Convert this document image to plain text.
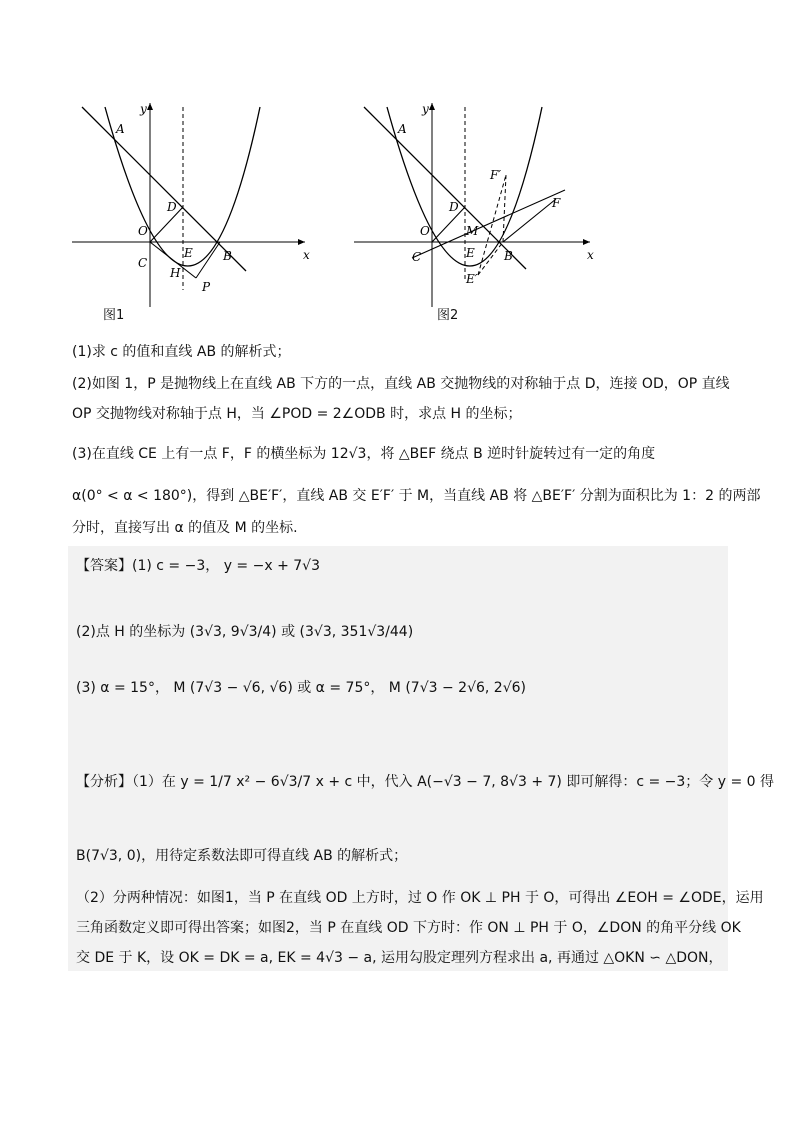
y
x
A
D
O
C
E
H
B
P
y
x
A
D
O
C	E
M
B
F
F′
E′
图1	图2
(1)求 c 的值和直线 AB 的解析式；
(2)如图 1，P 是抛物线上在直线 AB 下方的一点，直线 AB 交抛物线的对称轴于点 D，连接 OD，OP 直线
OP 交抛物线对称轴于点 H，当 ∠POD = 2∠ODB 时，求点 H 的坐标；
(3)在直线 CE 上有一点 F，F 的横坐标为 12√3，将 △BEF 绕点 B 逆时针旋转过有一定的角度
α(0° < α < 180°)，得到 △BE′F′，直线 AB 交 E′F′ 于 M，当直线 AB 将 △BE′F′ 分割为面积比为 1：2 的两部
分时，直接写出 α 的值及 M 的坐标.
【答案】(1) c = −3， y = −x + 7√3
(2)点 H 的坐标为 (3√3, 9√3/4) 或 (3√3, 351√3/44)
(3) α = 15°， M (7√3 − √6, √6) 或 α = 75°， M (7√3 − 2√6, 2√6)
【分析】（1）在 y = 1/7 x² − 6√3/7 x + c 中，代入 A(−√3 − 7, 8√3 + 7) 即可解得：c = −3；令 y = 0 得
B(7√3, 0)，用待定系数法即可得直线 AB 的解析式；
（2）分两种情况：如图1，当 P 在直线 OD 上方时，过 O 作 OK ⊥ PH 于 O，可得出 ∠EOH = ∠ODE，运用
三角函数定义即可得出答案；如图2，当 P 在直线 OD 下方时：作 ON ⊥ PH 于 O，∠DON 的角平分线 OK
交 DE 于 K，设 OK = DK = a, EK = 4√3 − a, 运用勾股定理列方程求出 a, 再通过 △OKN ∽ △DON，
